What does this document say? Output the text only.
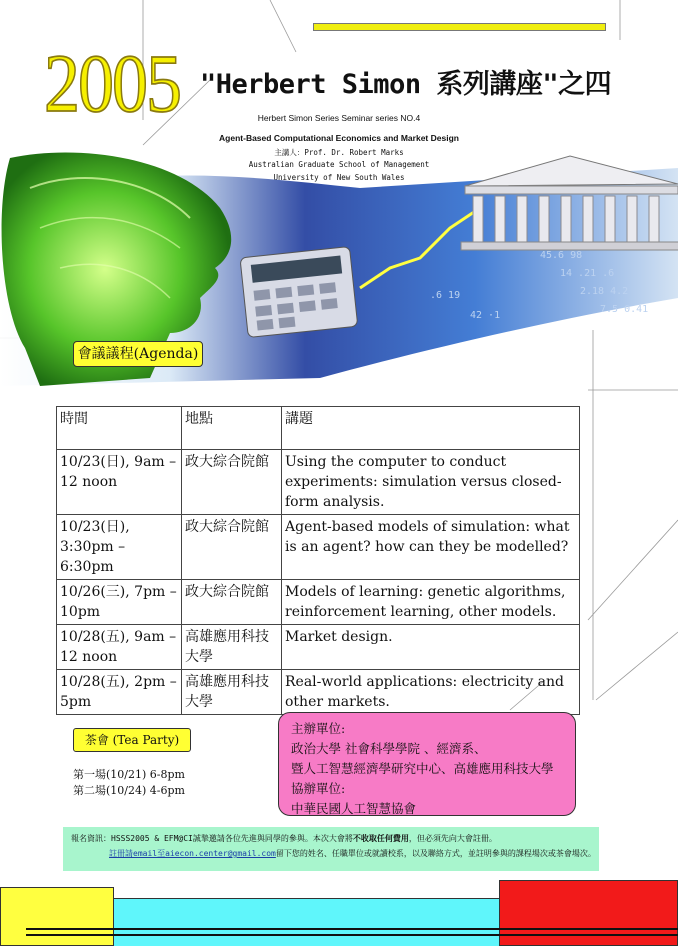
2005 "Herbert Simon 系列講座"之四
Herbert Simon Series Seminar series NO.4
Agent-Based Computational Economics and Market Design
主講人：Prof. Dr. Robert Marks
Australian Graduate School of Management
University of New South Wales
45.6 98
14 .21 .6
2.18 4.2
7.5 0.41
.6 19
42 ·1
會議議程(Agenda)
時間	地點	講題
10/23(日), 9am – 12 noon	政大綜合院館	Using the computer to conduct experiments: simulation versus closed-form analysis.
10/23(日), 3:30pm – 6:30pm	政大綜合院館	Agent-based models of simulation: what is an agent? how can they be modelled?
10/26(三), 7pm – 10pm	政大綜合院館	Models of learning: genetic algorithms, reinforcement learning, other models.
10/28(五), 9am – 12 noon	高雄應用科技大學	Market design.
10/28(五), 2pm – 5pm	高雄應用科技大學	Real-world applications: electricity and other markets.
茶會 (Tea Party)
第一場(10/21) 6-8pm
第二場(10/24) 4-6pm
主辦單位:
政治大學 社會科學學院 、經濟系、
暨人工智慧經濟學研究中心、高雄應用科技大學
協辦單位:
中華民國人工智慧協會
報名資訊：HSSS2005 & EFM@CI誠摯邀請各位先進與同學的參與。本次大會將不收取任何費用，但必須先向大會註冊。
註冊請email至aiecon.center@gmail.com留下您的姓名、任職單位或就讀校系，以及聯絡方式，並註明參與的課程場次或茶會場次。
